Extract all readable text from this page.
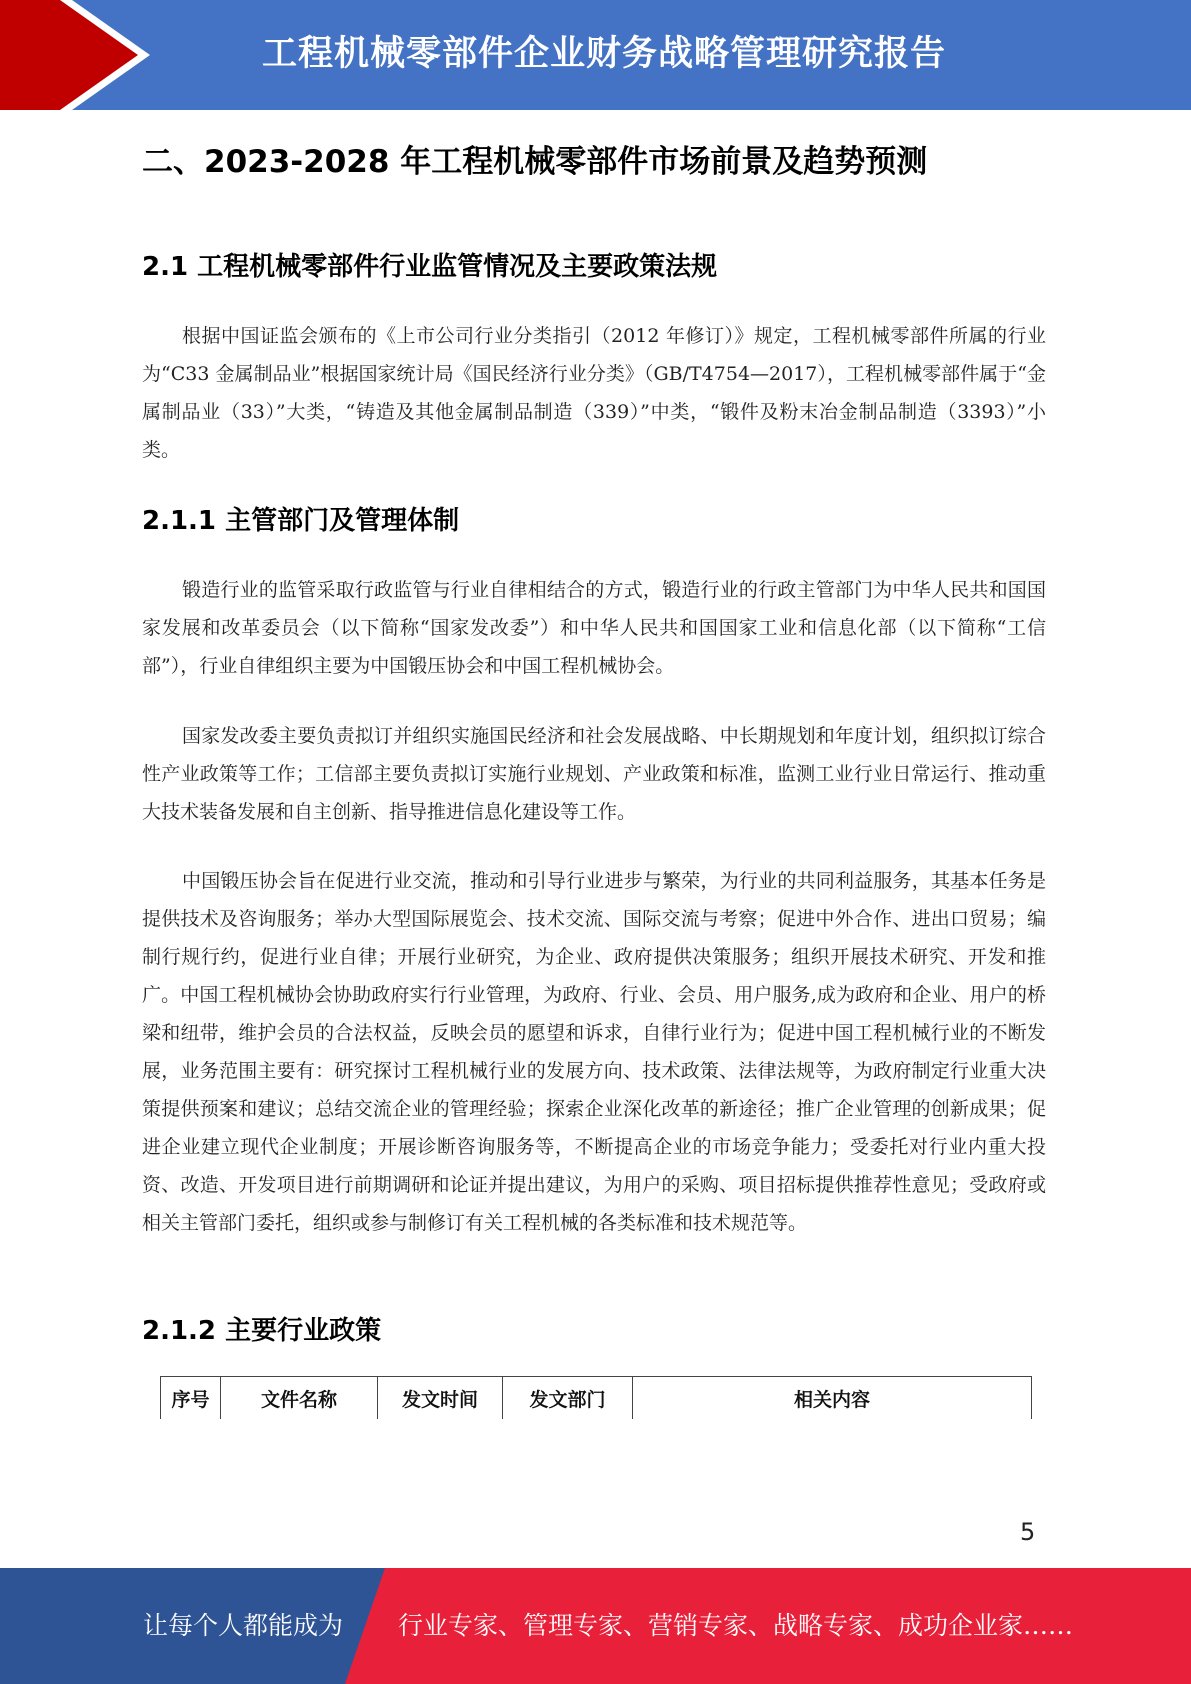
工程机械零部件企业财务战略管理研究报告
二、2023-2028 年工程机械零部件市场前景及趋势预测
2.1 工程机械零部件行业监管情况及主要政策法规

根据中国证监会颁布的《上市公司行业分类指引（2012 年修订）》规定，工程机械零部件所属的行业为“C33 金属制品业”根据国家统计局《国民经济行业分类》（GB/T4754—2017），工程机械零部件属于“金属制品业（33）”大类，“铸造及其他金属制品制造（339）”中类，“锻件及粉末冶金制品制造（3393）”小类。

2.1.1 主管部门及管理体制

锻造行业的监管采取行政监管与行业自律相结合的方式，锻造行业的行政主管部门为中华人民共和国国家发展和改革委员会（以下简称“国家发改委”）和中华人民共和国国家工业和信息化部（以下简称“工信部”），行业自律组织主要为中国锻压协会和中国工程机械协会。

国家发改委主要负责拟订并组织实施国民经济和社会发展战略、中长期规划和年度计划，组织拟订综合性产业政策等工作；工信部主要负责拟订实施行业规划、产业政策和标准，监测工业行业日常运行、推动重大技术装备发展和自主创新、指导推进信息化建设等工作。

中国锻压协会旨在促进行业交流，推动和引导行业进步与繁荣，为行业的共同利益服务，其基本任务是提供技术及咨询服务；举办大型国际展览会、技术交流、国际交流与考察；促进中外合作、进出口贸易；编制行规行约，促进行业自律；开展行业研究，为企业、政府提供决策服务；组织开展技术研究、开发和推广。中国工程机械协会协助政府实行行业管理，为政府、行业、会员、用户服务,成为政府和企业、用户的桥梁和纽带，维护会员的合法权益，反映会员的愿望和诉求，自律行业行为；促进中国工程机械行业的不断发展，业务范围主要有：研究探讨工程机械行业的发展方向、技术政策、法律法规等，为政府制定行业重大决策提供预案和建议；总结交流企业的管理经验；探索企业深化改革的新途径；推广企业管理的创新成果；促进企业建立现代企业制度；开展诊断咨询服务等，不断提高企业的市场竞争能力；受委托对行业内重大投资、改造、开发项目进行前期调研和论证并提出建议，为用户的采购、项目招标提供推荐性意见；受政府或相关主管部门委托，组织或参与制修订有关工程机械的各类标准和技术规范等。

2.1.2 主要行业政策
序号	文件名称	发文时间	发文部门	相关内容
5
让每个人都能成为 行业专家、管理专家、营销专家、战略专家、成功企业家……
